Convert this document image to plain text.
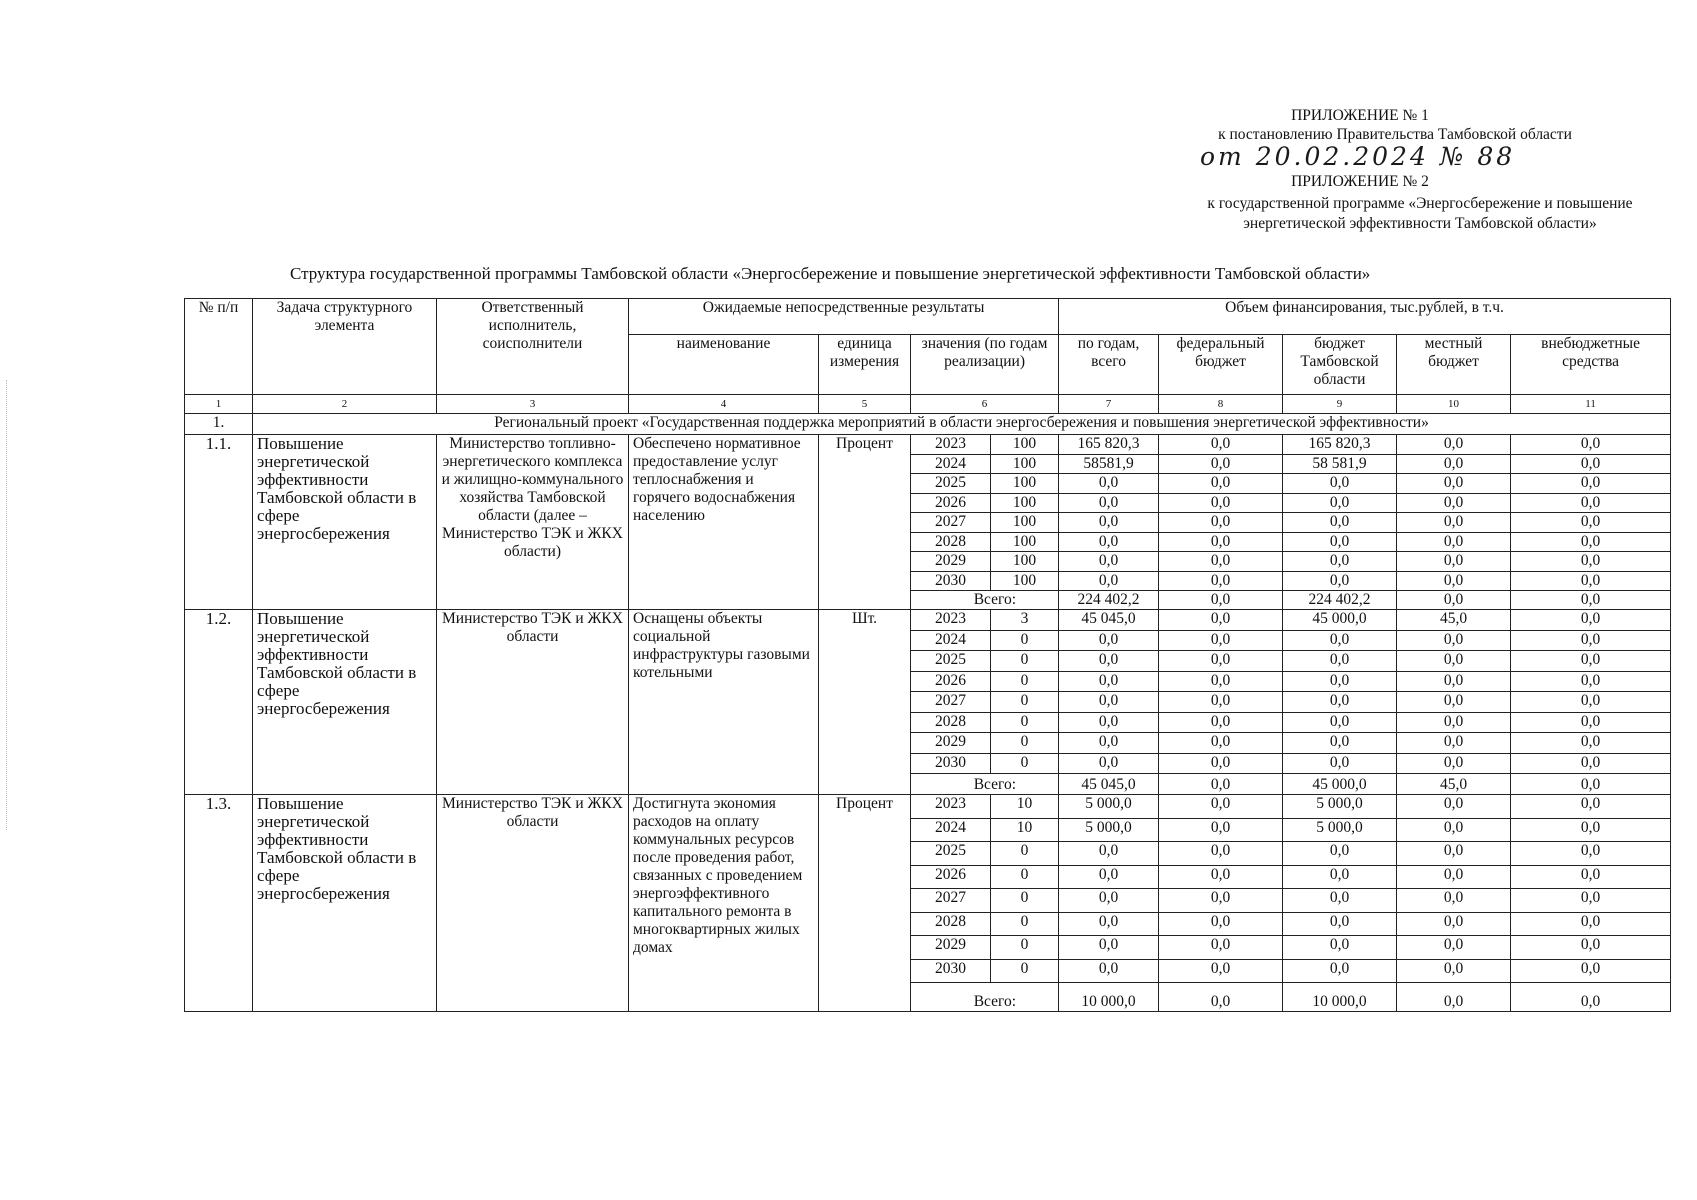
ПРИЛОЖЕНИЕ № 1
к постановлению Правительства Тамбовской области
от 20.02.2024 № 88
ПРИЛОЖЕНИЕ № 2
к государственной программе «Энергосбережение и повышение
энергетической эффективности Тамбовской области»
Структура государственной программы Тамбовской области «Энергосбережение и повышение энергетической эффективности Тамбовской области»
№ п/п	Задача структурного элемента	Ответственный исполнитель, соисполнители	Ожидаемые непосредственные результаты				Объем финансирования, тыс.рублей, в т.ч.				
			наименование	единица измерения	значения (по годам реализации)		по годам, всего	федеральный бюджет	бюджет Тамбовской области	местный бюджет	внебюджетные средства
1	2	3	4	5	6		7	8	9	10	11
1.	Региональный проект «Государственная поддержка мероприятий в области энергосбережения и повышения энергетической эффективности»										
1.1.	Повышение энергетической эффективности Тамбовской области в сфере энергосбережения	Министерство топливно-энергетического комплекса и жилищно-коммунального хозяйства Тамбовской области (далее – Министерство ТЭК и ЖКХ области)	Обеспечено нормативное предоставление услуг теплоснабжения и горячего водоснабжения населению	Процент	2023	100	165 820,3	0,0	165 820,3	0,0	0,0
					2024	100	58581,9	0,0	58 581,9	0,0	0,0
					2025	100	0,0	0,0	0,0	0,0	0,0
					2026	100	0,0	0,0	0,0	0,0	0,0
					2027	100	0,0	0,0	0,0	0,0	0,0
					2028	100	0,0	0,0	0,0	0,0	0,0
					2029	100	0,0	0,0	0,0	0,0	0,0
					2030	100	0,0	0,0	0,0	0,0	0,0
					Всего:		224 402,2	0,0	224 402,2	0,0	0,0
1.2.	Повышение энергетической эффективности Тамбовской области в сфере энергосбережения	Министерство ТЭК и ЖКХ области	Оснащены объекты социальной инфраструктуры газовыми котельными	Шт.	2023	3	45 045,0	0,0	45 000,0	45,0	0,0
					2024	0	0,0	0,0	0,0	0,0	0,0
					2025	0	0,0	0,0	0,0	0,0	0,0
					2026	0	0,0	0,0	0,0	0,0	0,0
					2027	0	0,0	0,0	0,0	0,0	0,0
					2028	0	0,0	0,0	0,0	0,0	0,0
					2029	0	0,0	0,0	0,0	0,0	0,0
					2030	0	0,0	0,0	0,0	0,0	0,0
					Всего:		45 045,0	0,0	45 000,0	45,0	0,0
1.3.	Повышение энергетической эффективности Тамбовской области в сфере энергосбережения	Министерство ТЭК и ЖКХ области	Достигнута экономия расходов на оплату коммунальных ресурсов после проведения работ, связанных с проведением энергоэффективного капитального ремонта в многоквартирных жилых домах	Процент	2023	10	5 000,0	0,0	5 000,0	0,0	0,0
					2024	10	5 000,0	0,0	5 000,0	0,0	0,0
					2025	0	0,0	0,0	0,0	0,0	0,0
					2026	0	0,0	0,0	0,0	0,0	0,0
					2027	0	0,0	0,0	0,0	0,0	0,0
					2028	0	0,0	0,0	0,0	0,0	0,0
					2029	0	0,0	0,0	0,0	0,0	0,0
					2030	0	0,0	0,0	0,0	0,0	0,0
					Всего:		10 000,0	0,0	10 000,0	0,0	0,0
